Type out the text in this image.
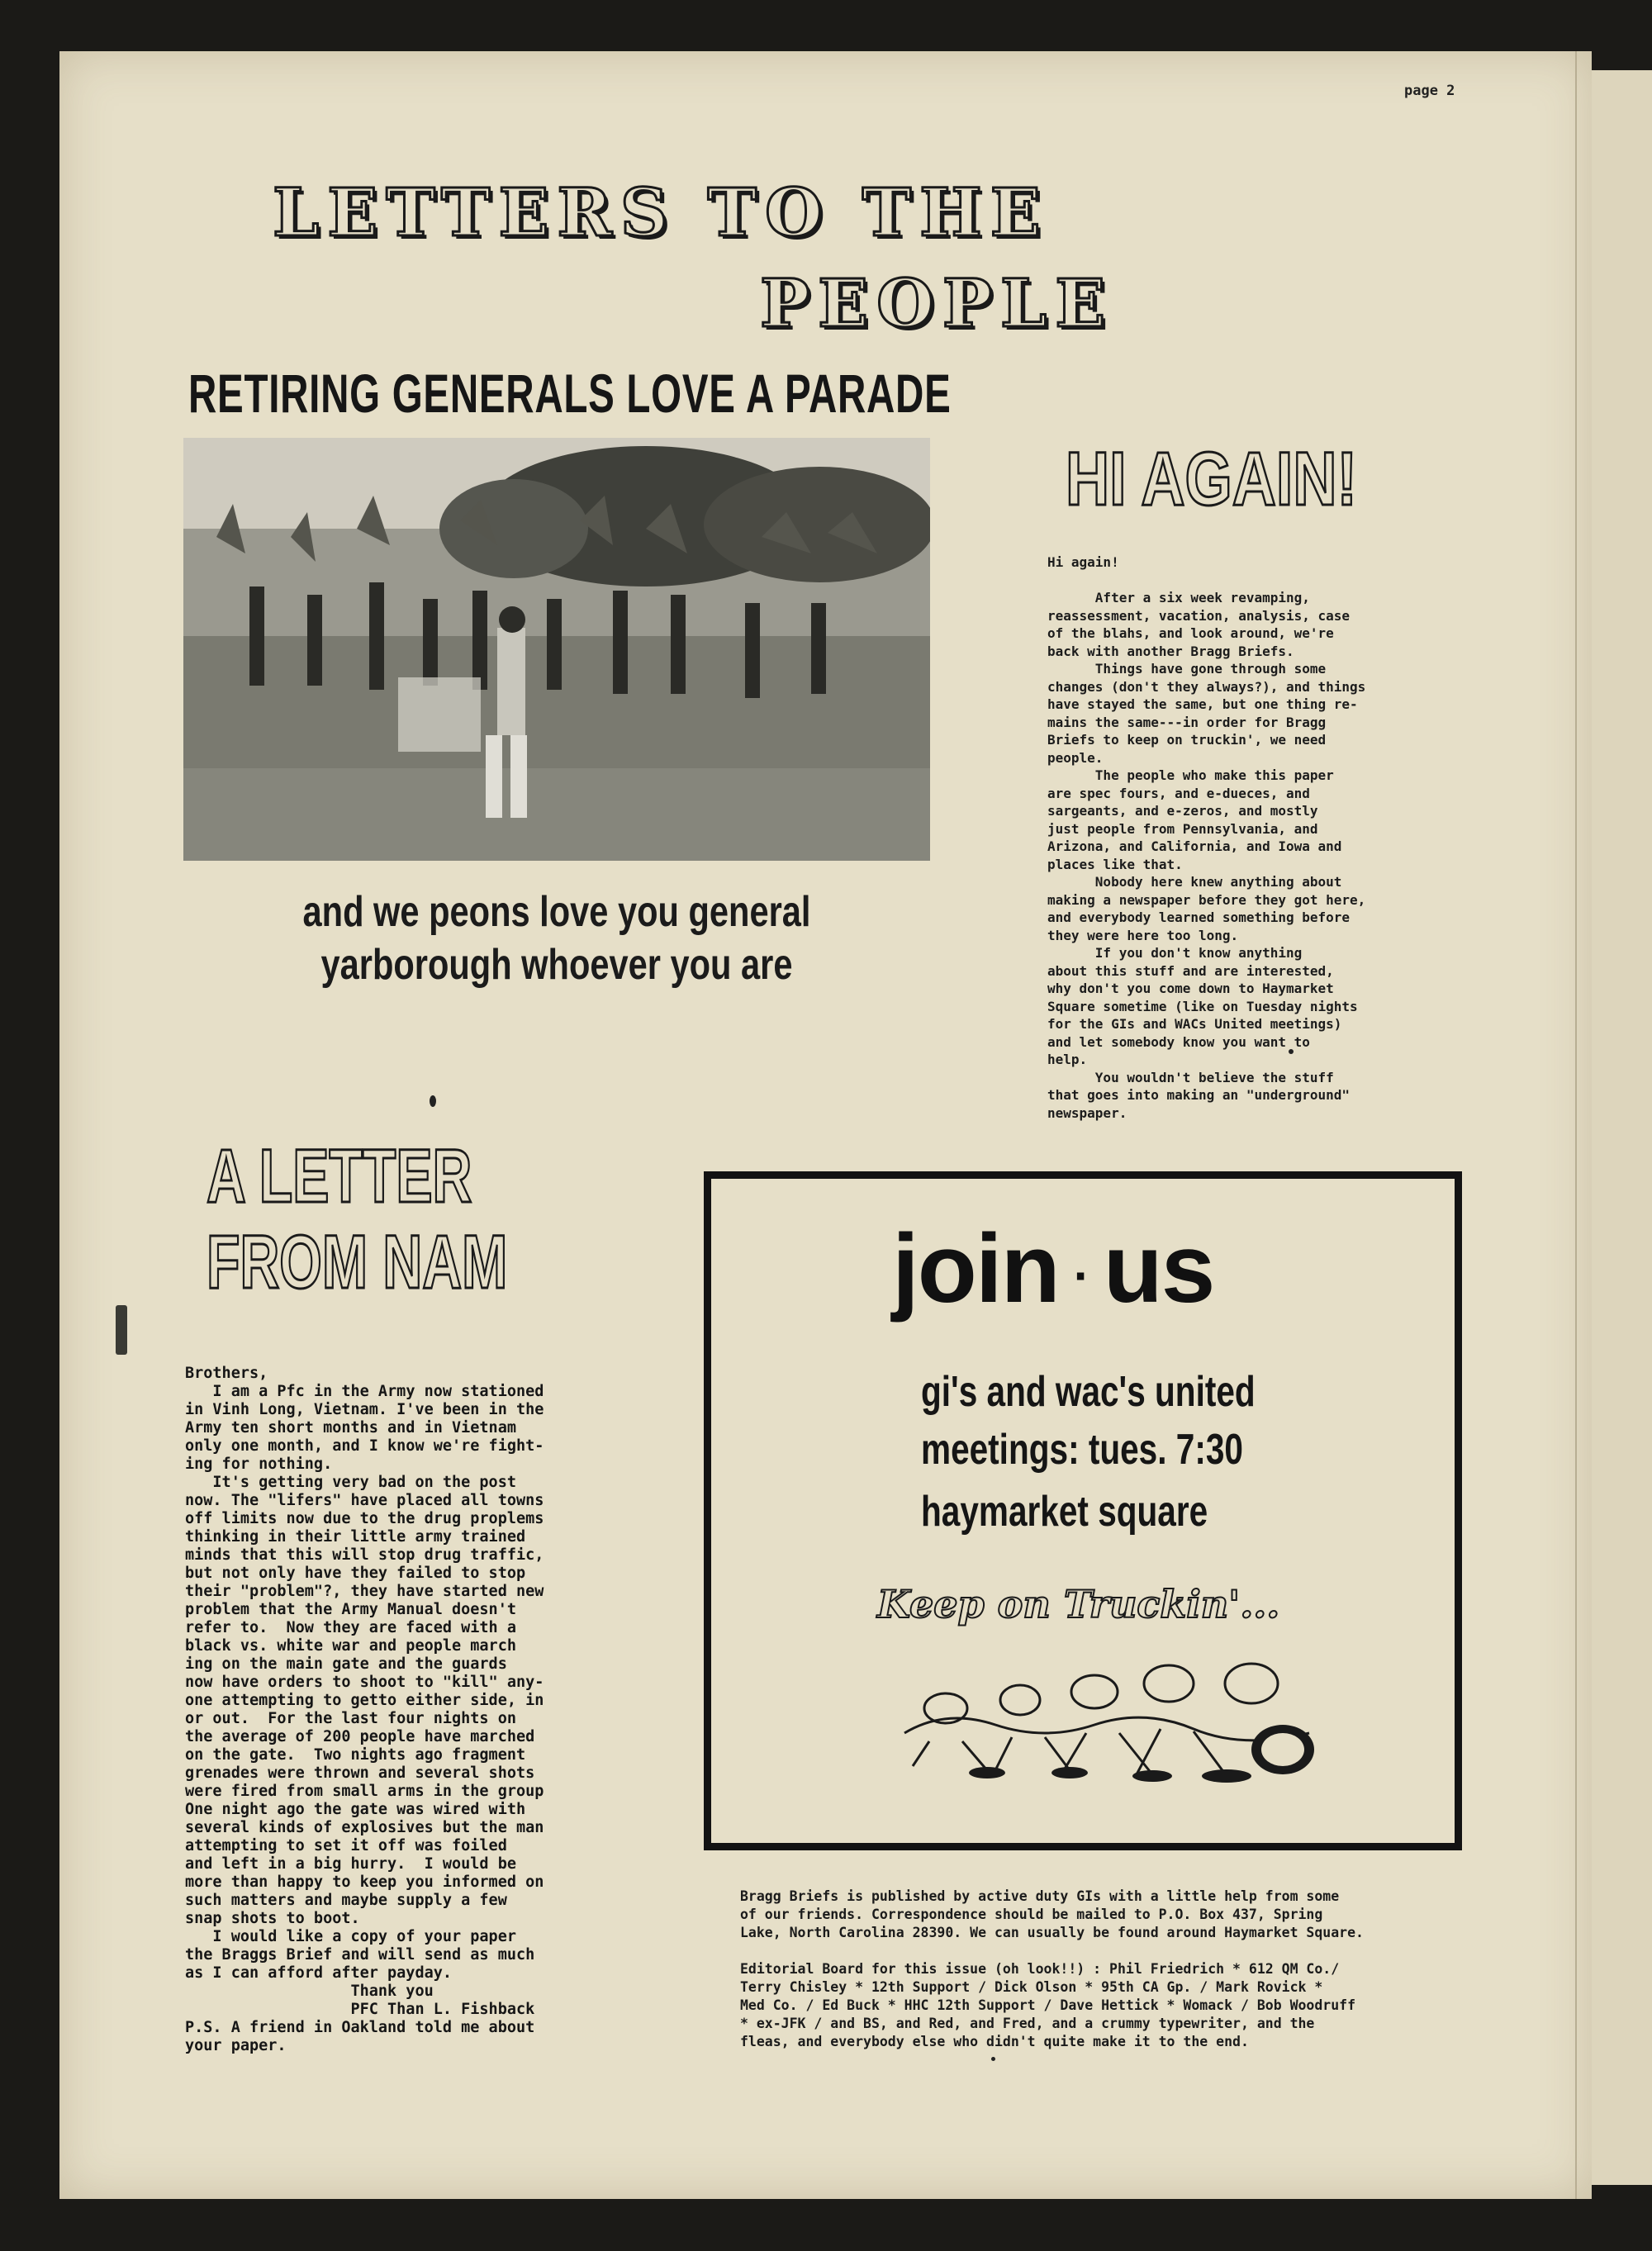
page 2
LETTERS TO THE
PEOPLE
RETIRING GENERALS LOVE A PARADE
and we peons love you general
yarborough whoever you are
HI AGAIN!
Hi again!

After a six week revamping,
reassessment, vacation, analysis, case
of the blahs, and look around, we're
back with another Bragg Briefs.
Things have gone through some
changes (don't they always?), and things
have stayed the same, but one thing re-
mains the same---in order for Bragg
Briefs to keep on truckin', we need
people.
The people who make this paper
are spec fours, and e-dueces, and
sargeants, and e-zeros, and mostly
just people from Pennsylvania, and
Arizona, and California, and Iowa and
places like that.
Nobody here knew anything about
making a newspaper before they got here,
and everybody learned something before
they were here too long.
If you don't know anything
about this stuff and are interested,
why don't you come down to Haymarket
Square sometime (like on Tuesday nights
for the GIs and WACs United meetings)
and let somebody know you want to
help.
You wouldn't believe the stuff
that goes into making an "underground"
newspaper.
A LETTER
FROM NAM
Brothers,
I am a Pfc in the Army now stationed
in Vinh Long, Vietnam. I've been in the
Army ten short months and in Vietnam
only one month, and I know we're fight-
ing for nothing.
It's getting very bad on the post
now. The "lifers" have placed all towns
off limits now due to the drug proplems
thinking in their little army trained
minds that this will stop drug traffic,
but not only have they failed to stop
their "problem"?, they have started new
problem that the Army Manual doesn't
refer to.  Now they are faced with a
black vs. white war and people march
ing on the main gate and the guards
now have orders to shoot to "kill" any-
one attempting to getto either side, in
or out.  For the last four nights on
the average of 200 people have marched
on the gate.  Two nights ago fragment
grenades were thrown and several shots
were fired from small arms in the group
One night ago the gate was wired with
several kinds of explosives but the man
attempting to set it off was foiled
and left in a big hurry.  I would be
more than happy to keep you informed on
such matters and maybe supply a few
snap shots to boot.
I would like a copy of your paper
the Braggs Brief and will send as much
as I can afford after payday.
Thank you
PFC Than L. Fishback
P.S. A friend in Oakland told me about
your paper.
join · us
gi's and wac's united
meetings: tues. 7:30
haymarket square
Keep on Truckin'...
Bragg Briefs is published by active duty GIs with a little help from some
of our friends. Correspondence should be mailed to P.O. Box 437, Spring
Lake, North Carolina 28390. We can usually be found around Haymarket Square.

Editorial Board for this issue (oh look!!) : Phil Friedrich * 612 QM Co./
Terry Chisley * 12th Support / Dick Olson * 95th CA Gp. / Mark Rovick *
Med Co. / Ed Buck * HHC 12th Support / Dave Hettick * Womack / Bob Woodruff
* ex-JFK / and BS, and Red, and Fred, and a crummy typewriter, and the
fleas, and everybody else who didn't quite make it to the end.
